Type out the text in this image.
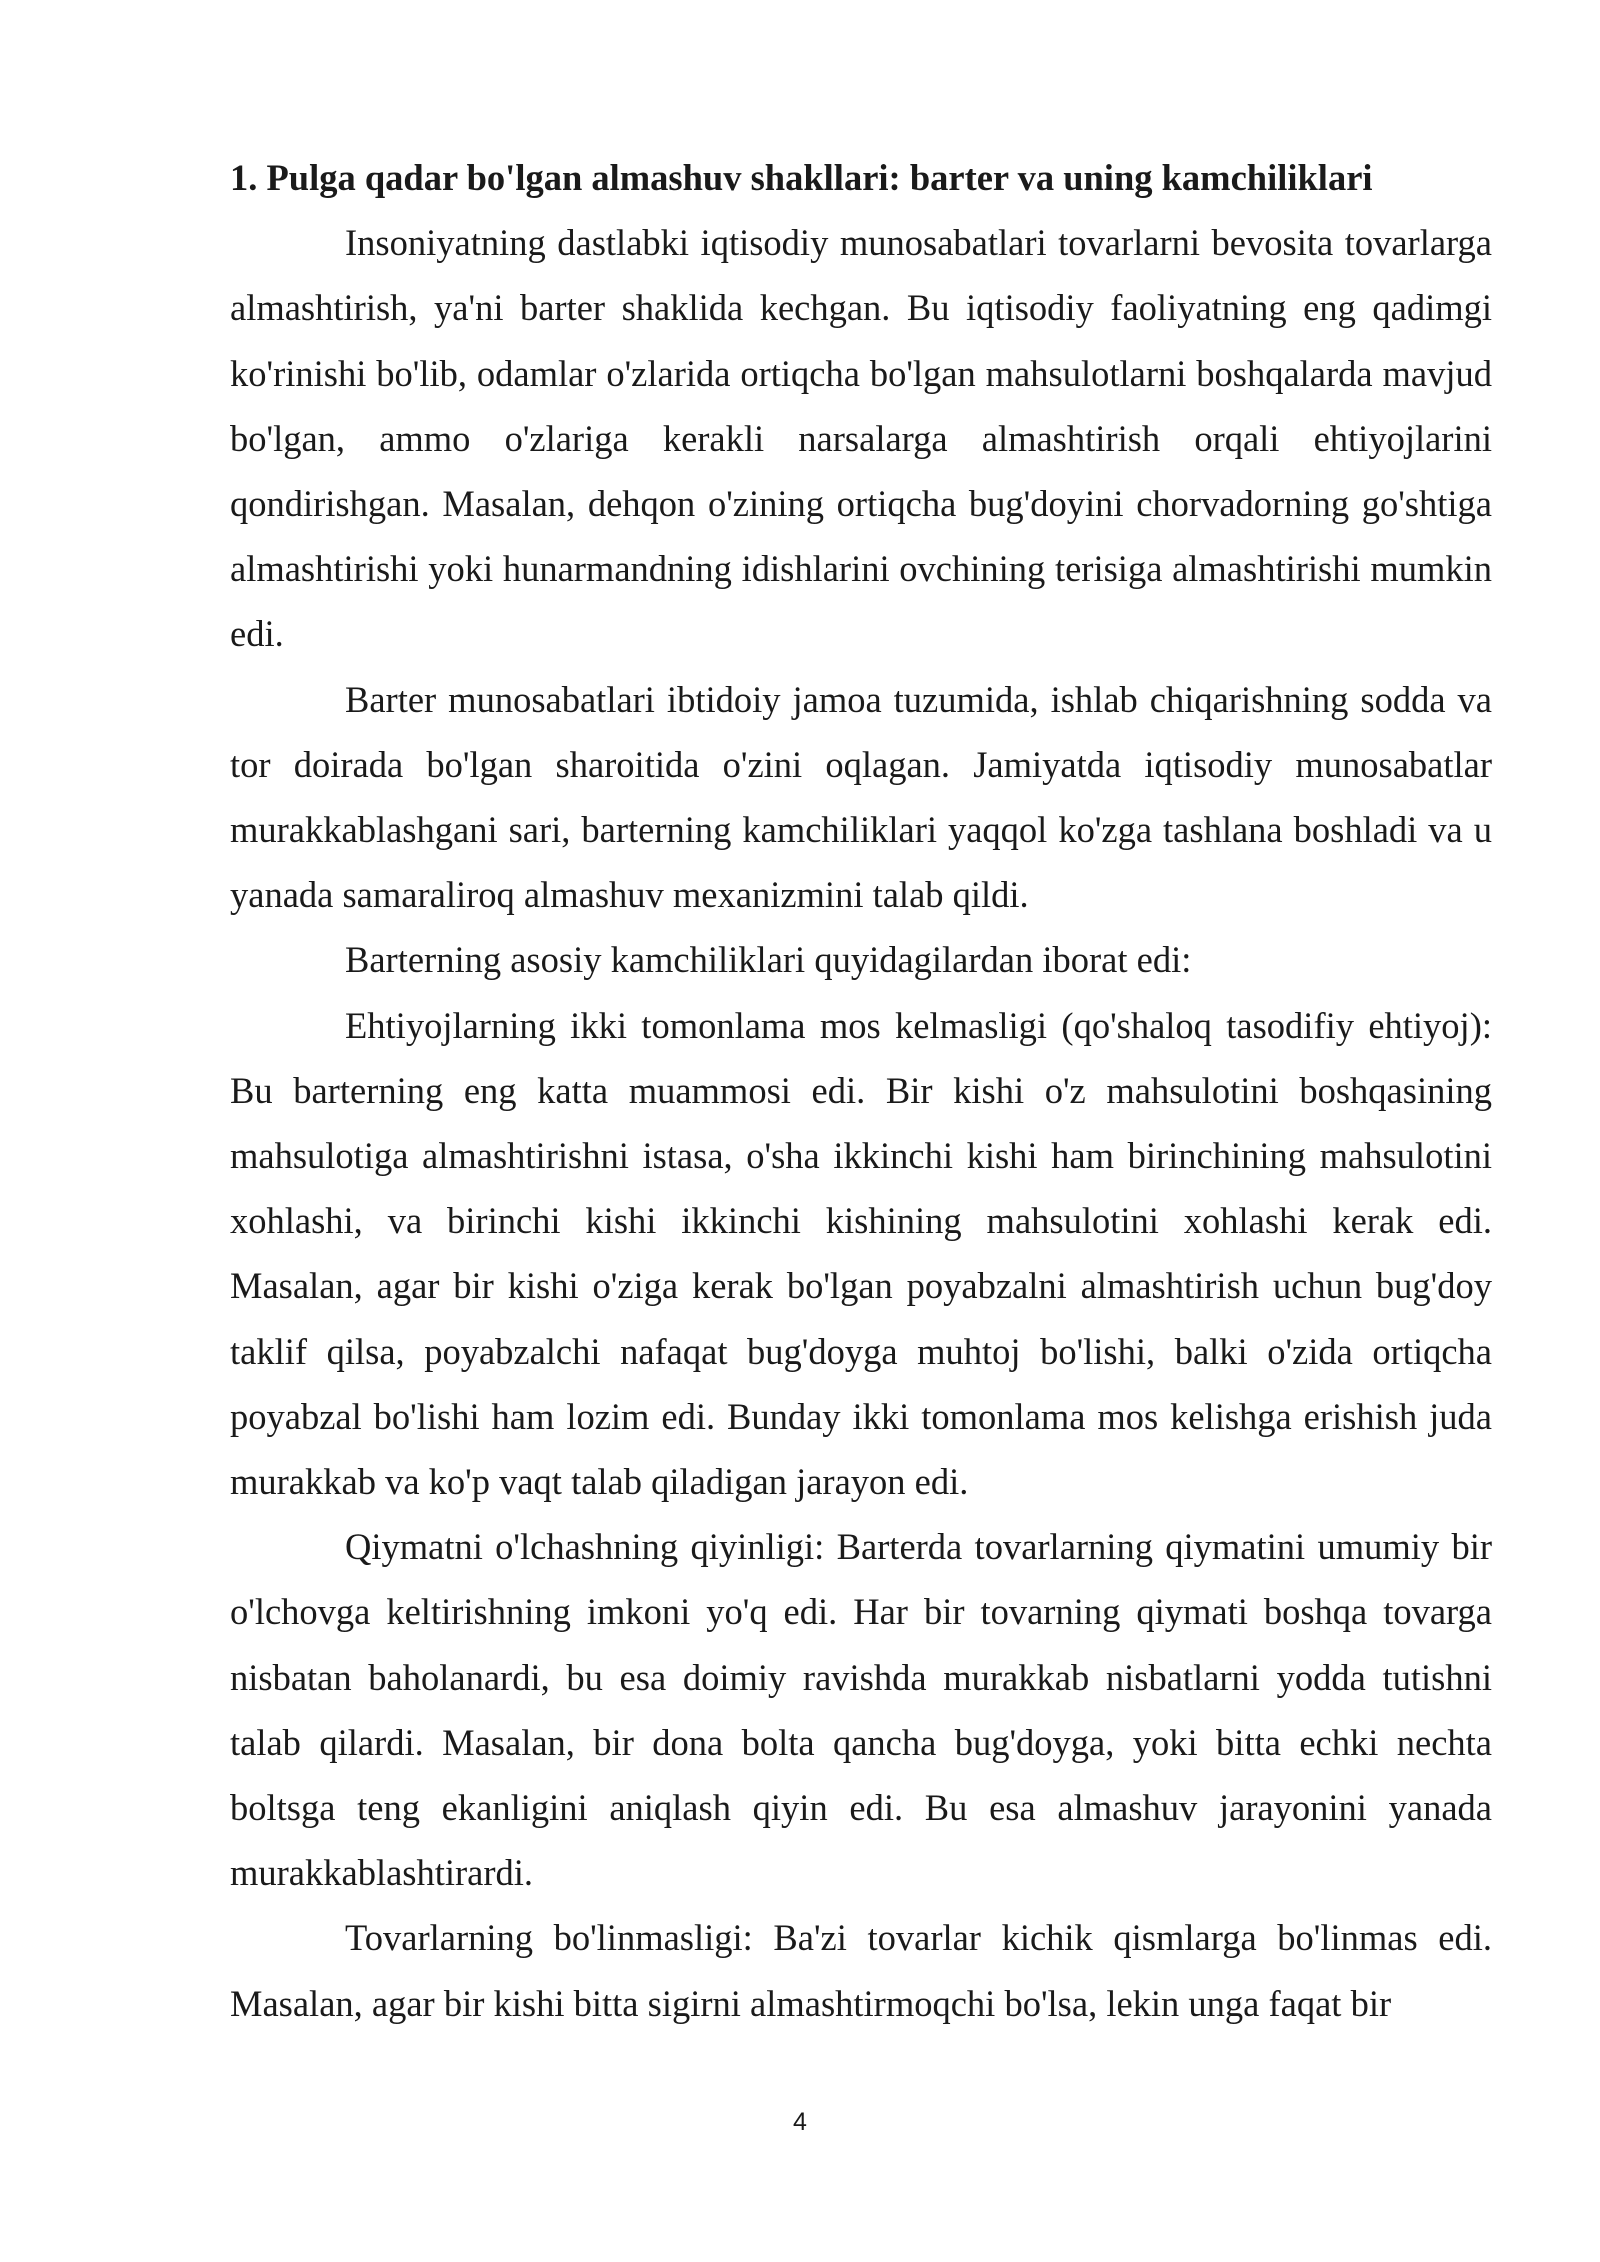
1. Pulga qadar bo'lgan almashuv shakllari: barter va uning kamchiliklari

Insoniyatning dastlabki iqtisodiy munosabatlari tovarlarni bevosita tovarlarga almashtirish, ya'ni barter shaklida kechgan. Bu iqtisodiy faoliyatning eng qadimgi ko'rinishi bo'lib, odamlar o'zlarida ortiqcha bo'lgan mahsulotlarni boshqalarda mavjud bo'lgan, ammo o'zlariga kerakli narsalarga almashtirish orqali ehtiyojlarini qondirishgan. Masalan, dehqon o'zining ortiqcha bug'doyini chorvadorning go'shtiga almashtirishi yoki hunarmandning idishlarini ovchining terisiga almashtirishi mumkin edi.

Barter munosabatlari ibtidoiy jamoa tuzumida, ishlab chiqarishning sodda va tor doirada bo'lgan sharoitida o'zini oqlagan. Jamiyatda iqtisodiy munosabatlar murakkablashgani sari, barterning kamchiliklari yaqqol ko'zga tashlana boshladi va u yanada samaraliroq almashuv mexanizmini talab qildi.

Barterning asosiy kamchiliklari quyidagilardan iborat edi:

Ehtiyojlarning ikki tomonlama mos kelmasligi (qo'shaloq tasodifiy ehtiyoj): Bu barterning eng katta muammosi edi. Bir kishi o'z mahsulotini boshqasining mahsulotiga almashtirishni istasa, o'sha ikkinchi kishi ham birinchining mahsulotini xohlashi, va birinchi kishi ikkinchi kishining mahsulotini xohlashi kerak edi. Masalan, agar bir kishi o'ziga kerak bo'lgan poyabzalni almashtirish uchun bug'doy taklif qilsa, poyabzalchi nafaqat bug'doyga muhtoj bo'lishi, balki o'zida ortiqcha poyabzal bo'lishi ham lozim edi. Bunday ikki tomonlama mos kelishga erishish juda murakkab va ko'p vaqt talab qiladigan jarayon edi.

Qiymatni o'lchashning qiyinligi: Barterda tovarlarning qiymatini umumiy bir o'lchovga keltirishning imkoni yo'q edi. Har bir tovarning qiymati boshqa tovarga nisbatan baholanardi, bu esa doimiy ravishda murakkab nisbatlarni yodda tutishni talab qilardi. Masalan, bir dona bolta qancha bug'doyga, yoki bitta echki nechta boltsga teng ekanligini aniqlash qiyin edi. Bu esa almashuv jarayonini yanada murakkablashtirardi.

Tovarlarning bo'linmasligi: Ba'zi tovarlar kichik qismlarga bo'linmas edi. Masalan, agar bir kishi bitta sigirni almashtirmoqchi bo'lsa, lekin unga faqat bir

4
